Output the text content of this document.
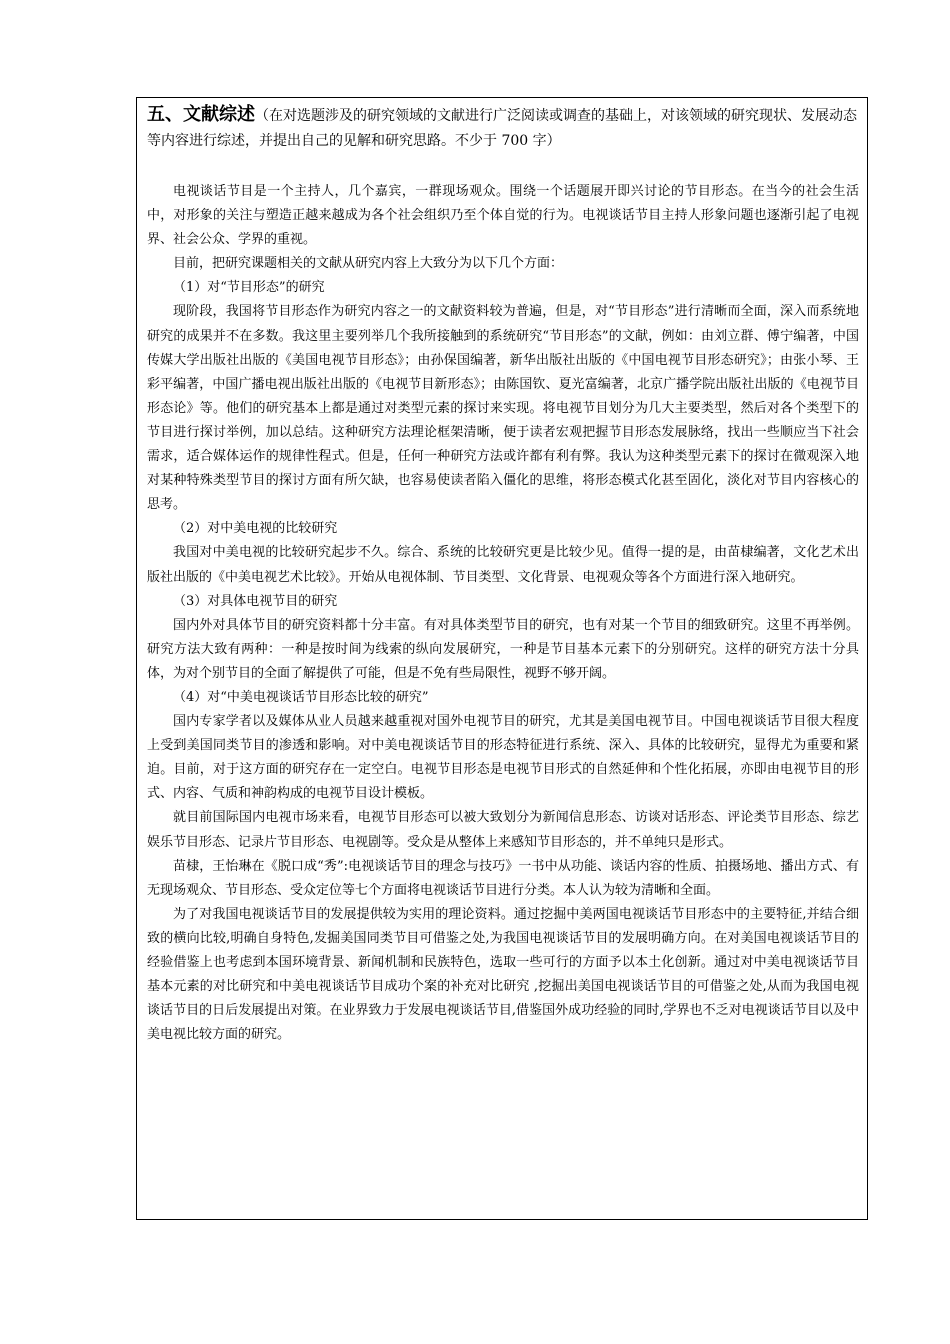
五、文献综述（在对选题涉及的研究领域的文献进行广泛阅读或调查的基础上，对该领域的研究现状、发展动态等内容进行综述，并提出自己的见解和研究思路。不少于 700 字）

电视谈话节目是一个主持人，几个嘉宾，一群现场观众。围绕一个话题展开即兴讨论的节目形态。在当今的社会生活中，对形象的关注与塑造正越来越成为各个社会组织乃至个体自觉的行为。电视谈话节目主持人形象问题也逐渐引起了电视界、社会公众、学界的重视。

目前，把研究课题相关的文献从研究内容上大致分为以下几个方面：

（1）对“节目形态”的研究

现阶段，我国将节目形态作为研究内容之一的文献资料较为普遍，但是，对“节目形态”进行清晰而全面，深入而系统地研究的成果并不在多数。我这里主要列举几个我所接触到的系统研究“节目形态”的文献，例如：由刘立群、傅宁编著，中国传媒大学出版社出版的《美国电视节目形态》；由孙保国编著，新华出版社出版的《中国电视节目形态研究》；由张小琴、王彩平编著，中国广播电视出版社出版的《电视节目新形态》；由陈国钦、夏光富编著，北京广播学院出版社出版的《电视节目形态论》等。他们的研究基本上都是通过对类型元素的探讨来实现。将电视节目划分为几大主要类型，然后对各个类型下的节目进行探讨举例，加以总结。这种研究方法理论框架清晰，便于读者宏观把握节目形态发展脉络，找出一些顺应当下社会需求，适合媒体运作的规律性程式。但是，任何一种研究方法或许都有利有弊。我认为这种类型元素下的探讨在微观深入地对某种特殊类型节目的探讨方面有所欠缺，也容易使读者陷入僵化的思维，将形态模式化甚至固化，淡化对节目内容核心的思考。

（2）对中美电视的比较研究

我国对中美电视的比较研究起步不久。综合、系统的比较研究更是比较少见。值得一提的是，由苗棣编著，文化艺术出版社出版的《中美电视艺术比较》。开始从电视体制、节目类型、文化背景、电视观众等各个方面进行深入地研究。

（3）对具体电视节目的研究

国内外对具体节目的研究资料都十分丰富。有对具体类型节目的研究，也有对某一个节目的细致研究。这里不再举例。研究方法大致有两种：一种是按时间为线索的纵向发展研究，一种是节目基本元素下的分别研究。这样的研究方法十分具体，为对个别节目的全面了解提供了可能，但是不免有些局限性，视野不够开阔。

（4）对“中美电视谈话节目形态比较的研究”

国内专家学者以及媒体从业人员越来越重视对国外电视节目的研究，尤其是美国电视节目。中国电视谈话节目很大程度上受到美国同类节目的渗透和影响。对中美电视谈话节目的形态特征进行系统、深入、具体的比较研究，显得尤为重要和紧迫。目前，对于这方面的研究存在一定空白。电视节目形态是电视节目形式的自然延伸和个性化拓展，亦即由电视节目的形式、内容、气质和神韵构成的电视节目设计模板。

就目前国际国内电视市场来看，电视节目形态可以被大致划分为新闻信息形态、访谈对话形态、评论类节目形态、综艺娱乐节目形态、记录片节目形态、电视剧等。受众是从整体上来感知节目形态的，并不单纯只是形式。

苗棣，王怡琳在《脱口成“秀”:电视谈话节目的理念与技巧》一书中从功能、谈话内容的性质、拍摄场地、播出方式、有无现场观众、节目形态、受众定位等七个方面将电视谈话节目进行分类。本人认为较为清晰和全面。

为了对我国电视谈话节目的发展提供较为实用的理论资料。通过挖掘中美两国电视谈话节目形态中的主要特征,并结合细致的横向比较,明确自身特色,发掘美国同类节目可借鉴之处,为我国电视谈话节目的发展明确方向。在对美国电视谈话节目的经验借鉴上也考虑到本国环境背景、新闻机制和民族特色，选取一些可行的方面予以本土化创新。通过对中美电视谈话节目基本元素的对比研究和中美电视谈话节目成功个案的补充对比研究 ,挖掘出美国电视谈话节目的可借鉴之处,从而为我国电视谈话节目的日后发展提出对策。在业界致力于发展电视谈话节目,借鉴国外成功经验的同时,学界也不乏对电视谈话节目以及中美电视比较方面的研究。
